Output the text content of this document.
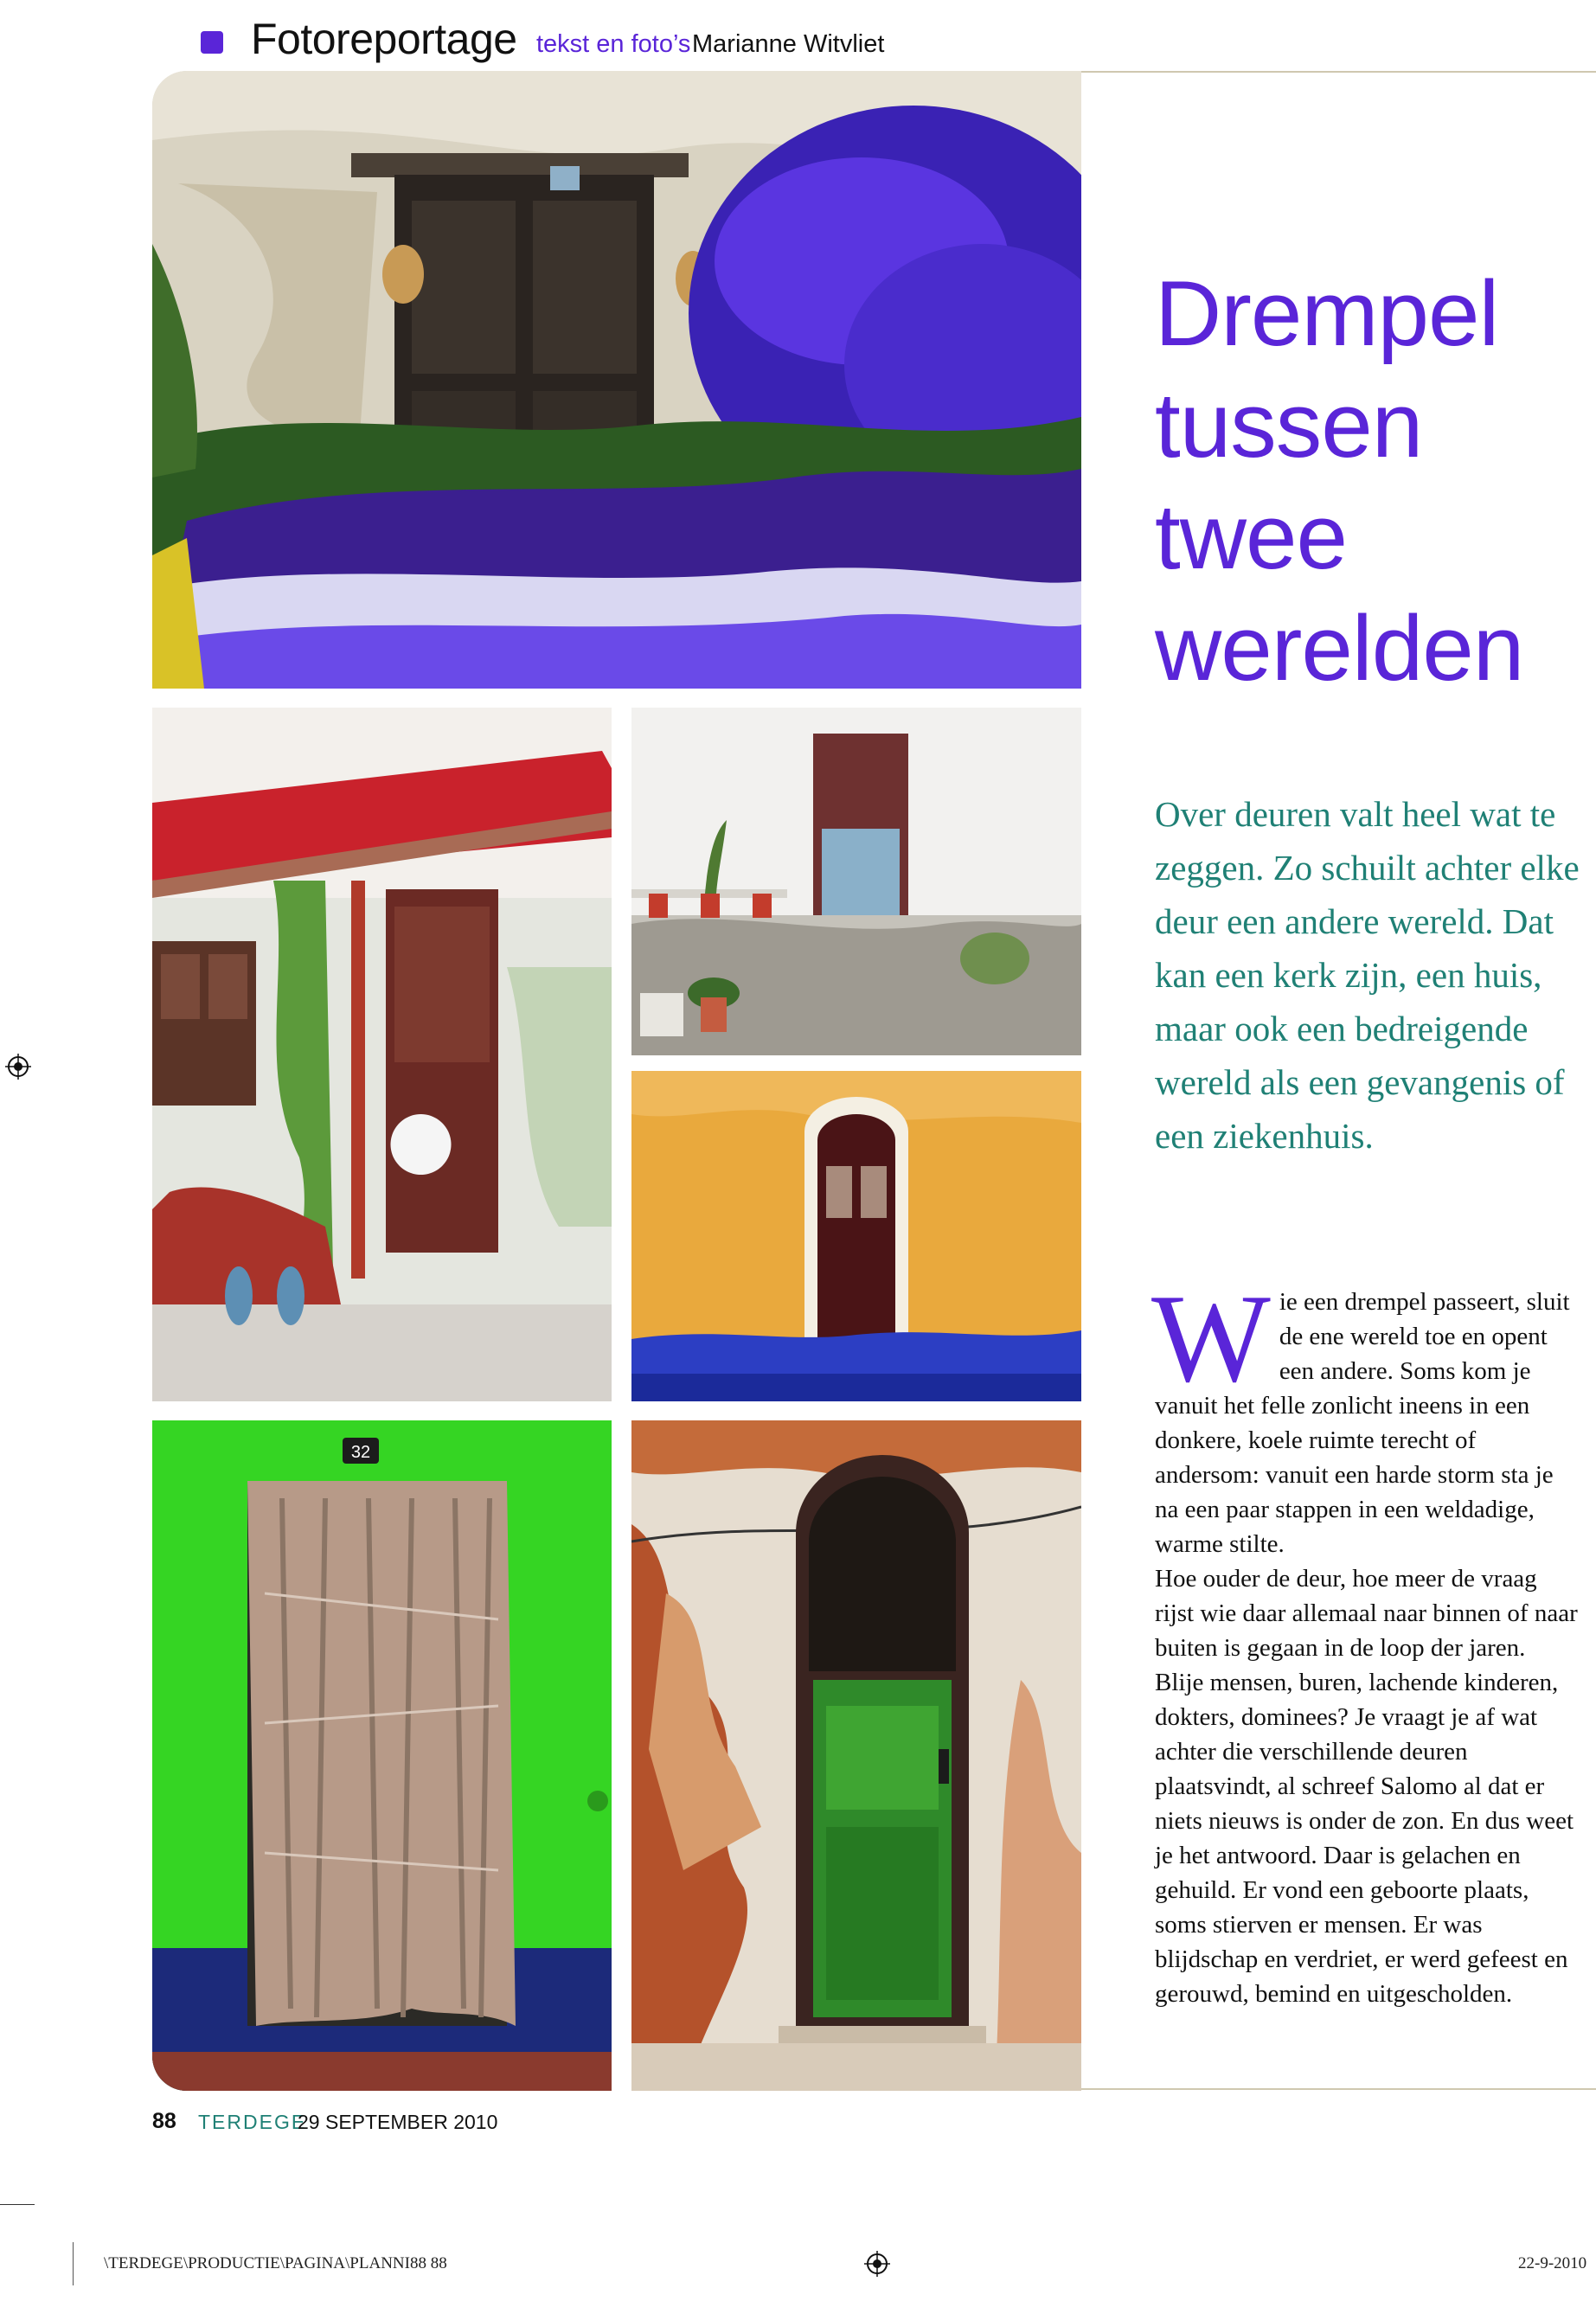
Fotoreportage tekst en foto’s Marianne Witvliet
32
Drempel
tussen
twee
werelden
Over deuren valt heel wat te zeggen. Zo schuilt achter elke deur een andere wereld. Dat kan een kerk zijn, een huis, maar ook een bedreigende wereld als een gevangenis of een ziekenhuis.
W ie een drempel passeert, sluit de ene wereld toe en opent een andere. Soms kom je vanuit het felle zonlicht ineens in een donkere, koele ruimte terecht of andersom: vanuit een harde storm sta je na een paar stappen in een weldadige, warme stilte.

Hoe ouder de deur, hoe meer de vraag rijst wie daar allemaal naar binnen of naar buiten is gegaan in de loop der jaren. Blije mensen, buren, lachende kinderen, dokters, dominees? Je vraagt je af wat achter die verschillende deuren plaatsvindt, al schreef Salomo al dat er niets nieuws is onder de zon. En dus weet je het antwoord. Daar is gelachen en gehuild. Er vond een geboorte plaats, soms stierven er mensen. Er was blijdschap en verdriet, er werd gefeest en gerouwd, bemind en uitgescholden.

88 TERDEGE
29 SEPTEMBER 2010
\TERDEGE\PRODUCTIE\PAGINA\PLANNI88 88	22-9-2010
